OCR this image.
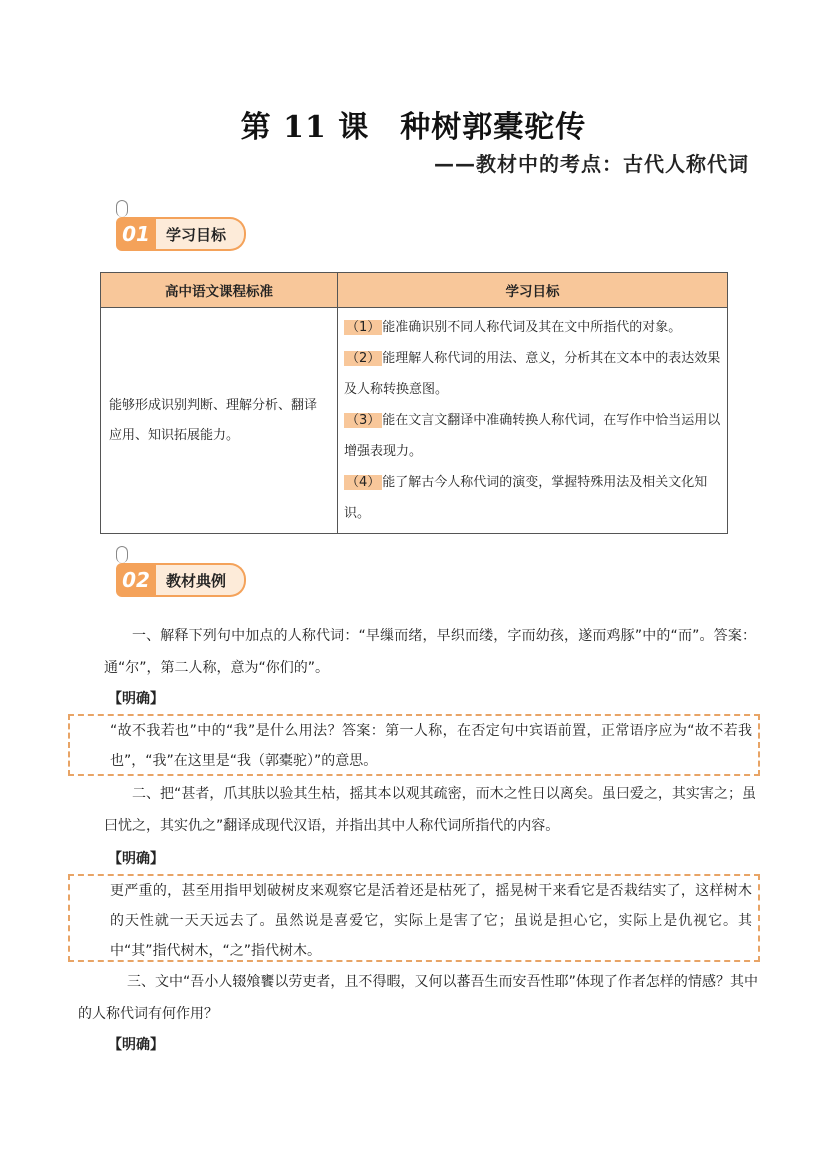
第 11 课　种树郭橐驼传
——教材中的考点：古代人称代词
01	学习目标
高中语文课程标准	学习目标
能够形成识别判断、理解分析、翻译应用、知识拓展能力。	（1） 能准确识别不同人称代词及其在文中所指代的对象。
（2） 能理解人称代词的用法、意义，分析其在文本中的表达效果及人称转换意图。
（3） 能在文言文翻译中准确转换人称代词，在写作中恰当运用以增强表现力。
（4） 能了解古今人称代词的演变，掌握特殊用法及相关文化知识。
02	教材典例
一、解释下列句中加点的人称代词：“早缫而绪，早织而缕，字而幼孩，遂而鸡豚”中的“而”。答案：通“尔”，第二人称，意为“你们的”。
【明确】
“故不我若也”中的“我”是什么用法？答案：第一人称，在否定句中宾语前置，正常语序应为“故不若我也”，“我”在这里是“我（郭橐驼）”的意思。
二、把“甚者，爪其肤以验其生枯，摇其本以观其疏密，而木之性日以离矣。虽曰爱之，其实害之；虽曰忧之，其实仇之”翻译成现代汉语，并指出其中人称代词所指代的内容。
【明确】
更严重的，甚至用指甲划破树皮来观察它是活着还是枯死了，摇晃树干来看它是否栽结实了，这样树木的天性就一天天远去了。虽然说是喜爱它，实际上是害了它；虽说是担心它，实际上是仇视它。其中“其”指代树木，“之”指代树木。
三、文中“吾小人辍飧饔以劳吏者，且不得暇，又何以蕃吾生而安吾性耶”体现了作者怎样的情感？其中的人称代词有何作用？
【明确】
